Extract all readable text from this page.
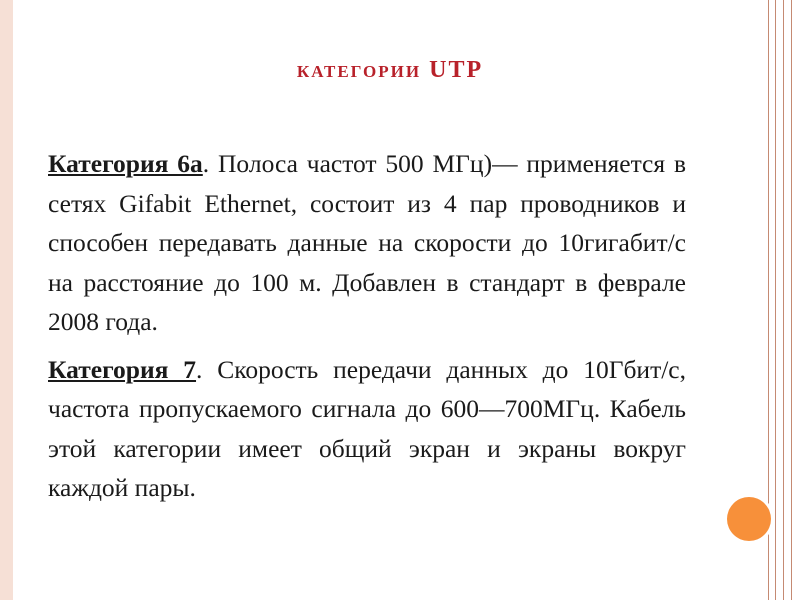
КАТЕГОРИИ UTP

Категория 6а. Полоса частот 500 МГц)— применяется в сетях Gifabit Ethernet, состоит из 4 пар проводников и способен передавать данные на скорости до 10гигабит/с на расстояние до 100 м. Добавлен в стандарт в феврале 2008 года.

Категория 7. Скорость передачи данных до 10Гбит/с, частота пропускаемого сигнала до 600—700МГц. Кабель этой категории имеет общий экран и экраны вокруг каждой пары.
